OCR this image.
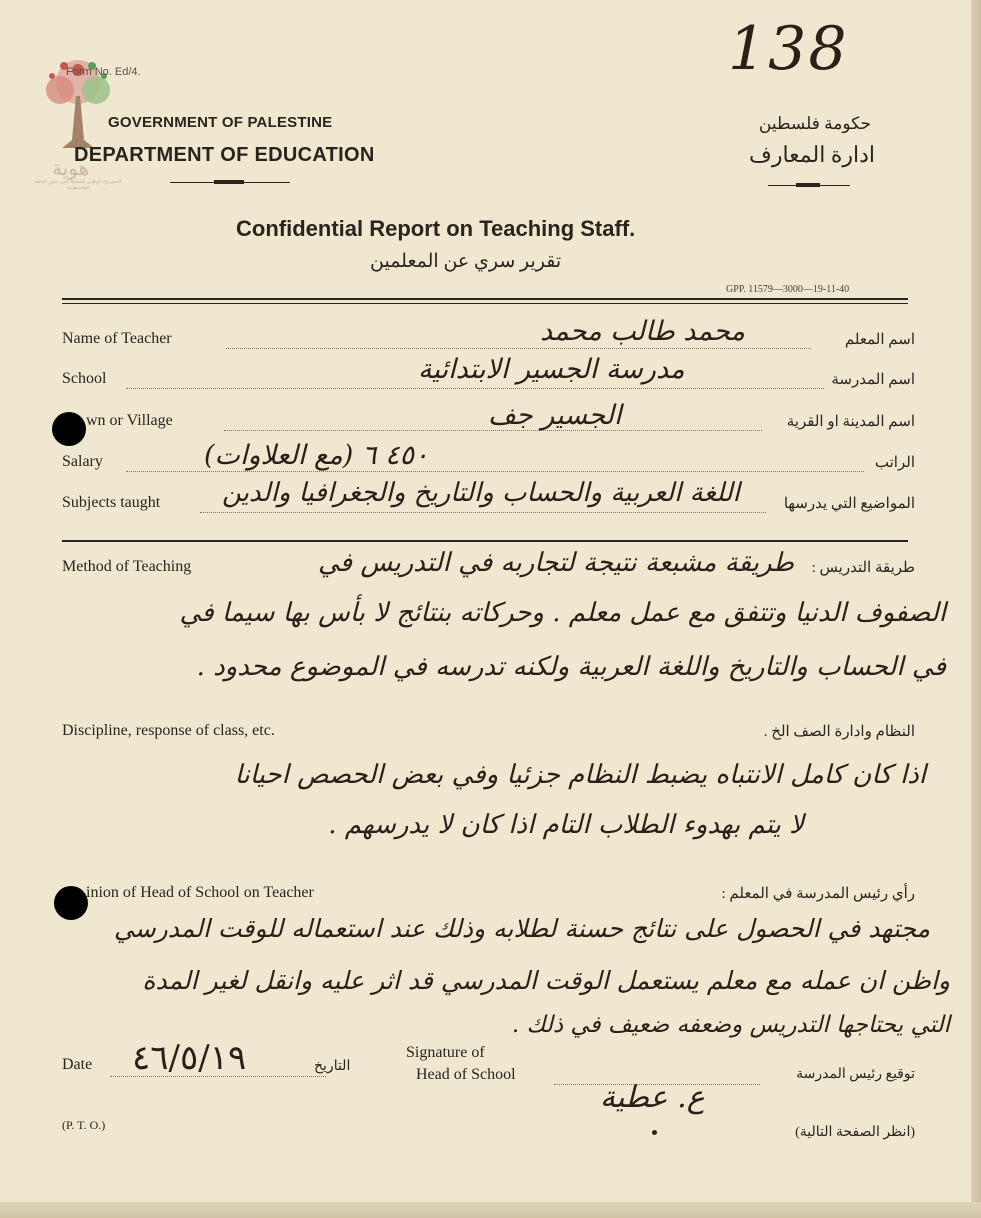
138
هوية
المشروع الوطني للحفاظ على جذور العائلة الفلسطينية
Form No. Ed/4.
GOVERNMENT OF PALESTINE
DEPARTMENT OF EDUCATION
حكومة فلسطين
ادارة المعارف
Confidential Report on Teaching Staff.
تقرير سري عن المعلمين
GPP. 11579—3000—19-11-40
Name of Teacher	اسم المعلم
محمد طالب محمد
School	اسم المدرسة
مدرسة الجسير الابتدائية
wn or Village	اسم المدينة او القرية
الجسير جف
Salary	الراتب
٤٥٠ ٦ (مع العلاوات)
Subjects taught	المواضيع التي يدرسها
اللغة العربية والحساب والتاريخ والجغرافيا والدين
Method of Teaching	طريقة التدريس :
طريقة مشبعة نتيجة لتجاربه في التدريس في
الصفوف الدنيا وتتفق مع عمل معلم . وحركاته بنتائج لا بأس بها سيما في
في الحساب والتاريخ واللغة العربية ولكنه تدرسه في الموضوع محدود .
Discipline, response of class, etc.	النظام وادارة الصف الخ .
اذا كان كامل الانتباه يضبط النظام جزئيا وفي بعض الحصص احيانا
لا يتم بهدوء الطلاب التام اذا كان لا يدرسهم .
inion of Head of School on Teacher	رأي رئيس المدرسة في المعلم :
مجتهد في الحصول على نتائج حسنة لطلابه وذلك عند استعماله للوقت المدرسي
واظن ان عمله مع معلم يستعمل الوقت المدرسي قد اثر عليه وانقل لغير المدة
التي يحتاجها التدريس وضعفه ضعيف في ذلك .
Date ٤٦/٥/١٩	التاريخ
Signature of
Head of School	توقيع رئيس المدرسة
ع. عطية
(P. T. O.)	(انظر الصفحة التالية)
